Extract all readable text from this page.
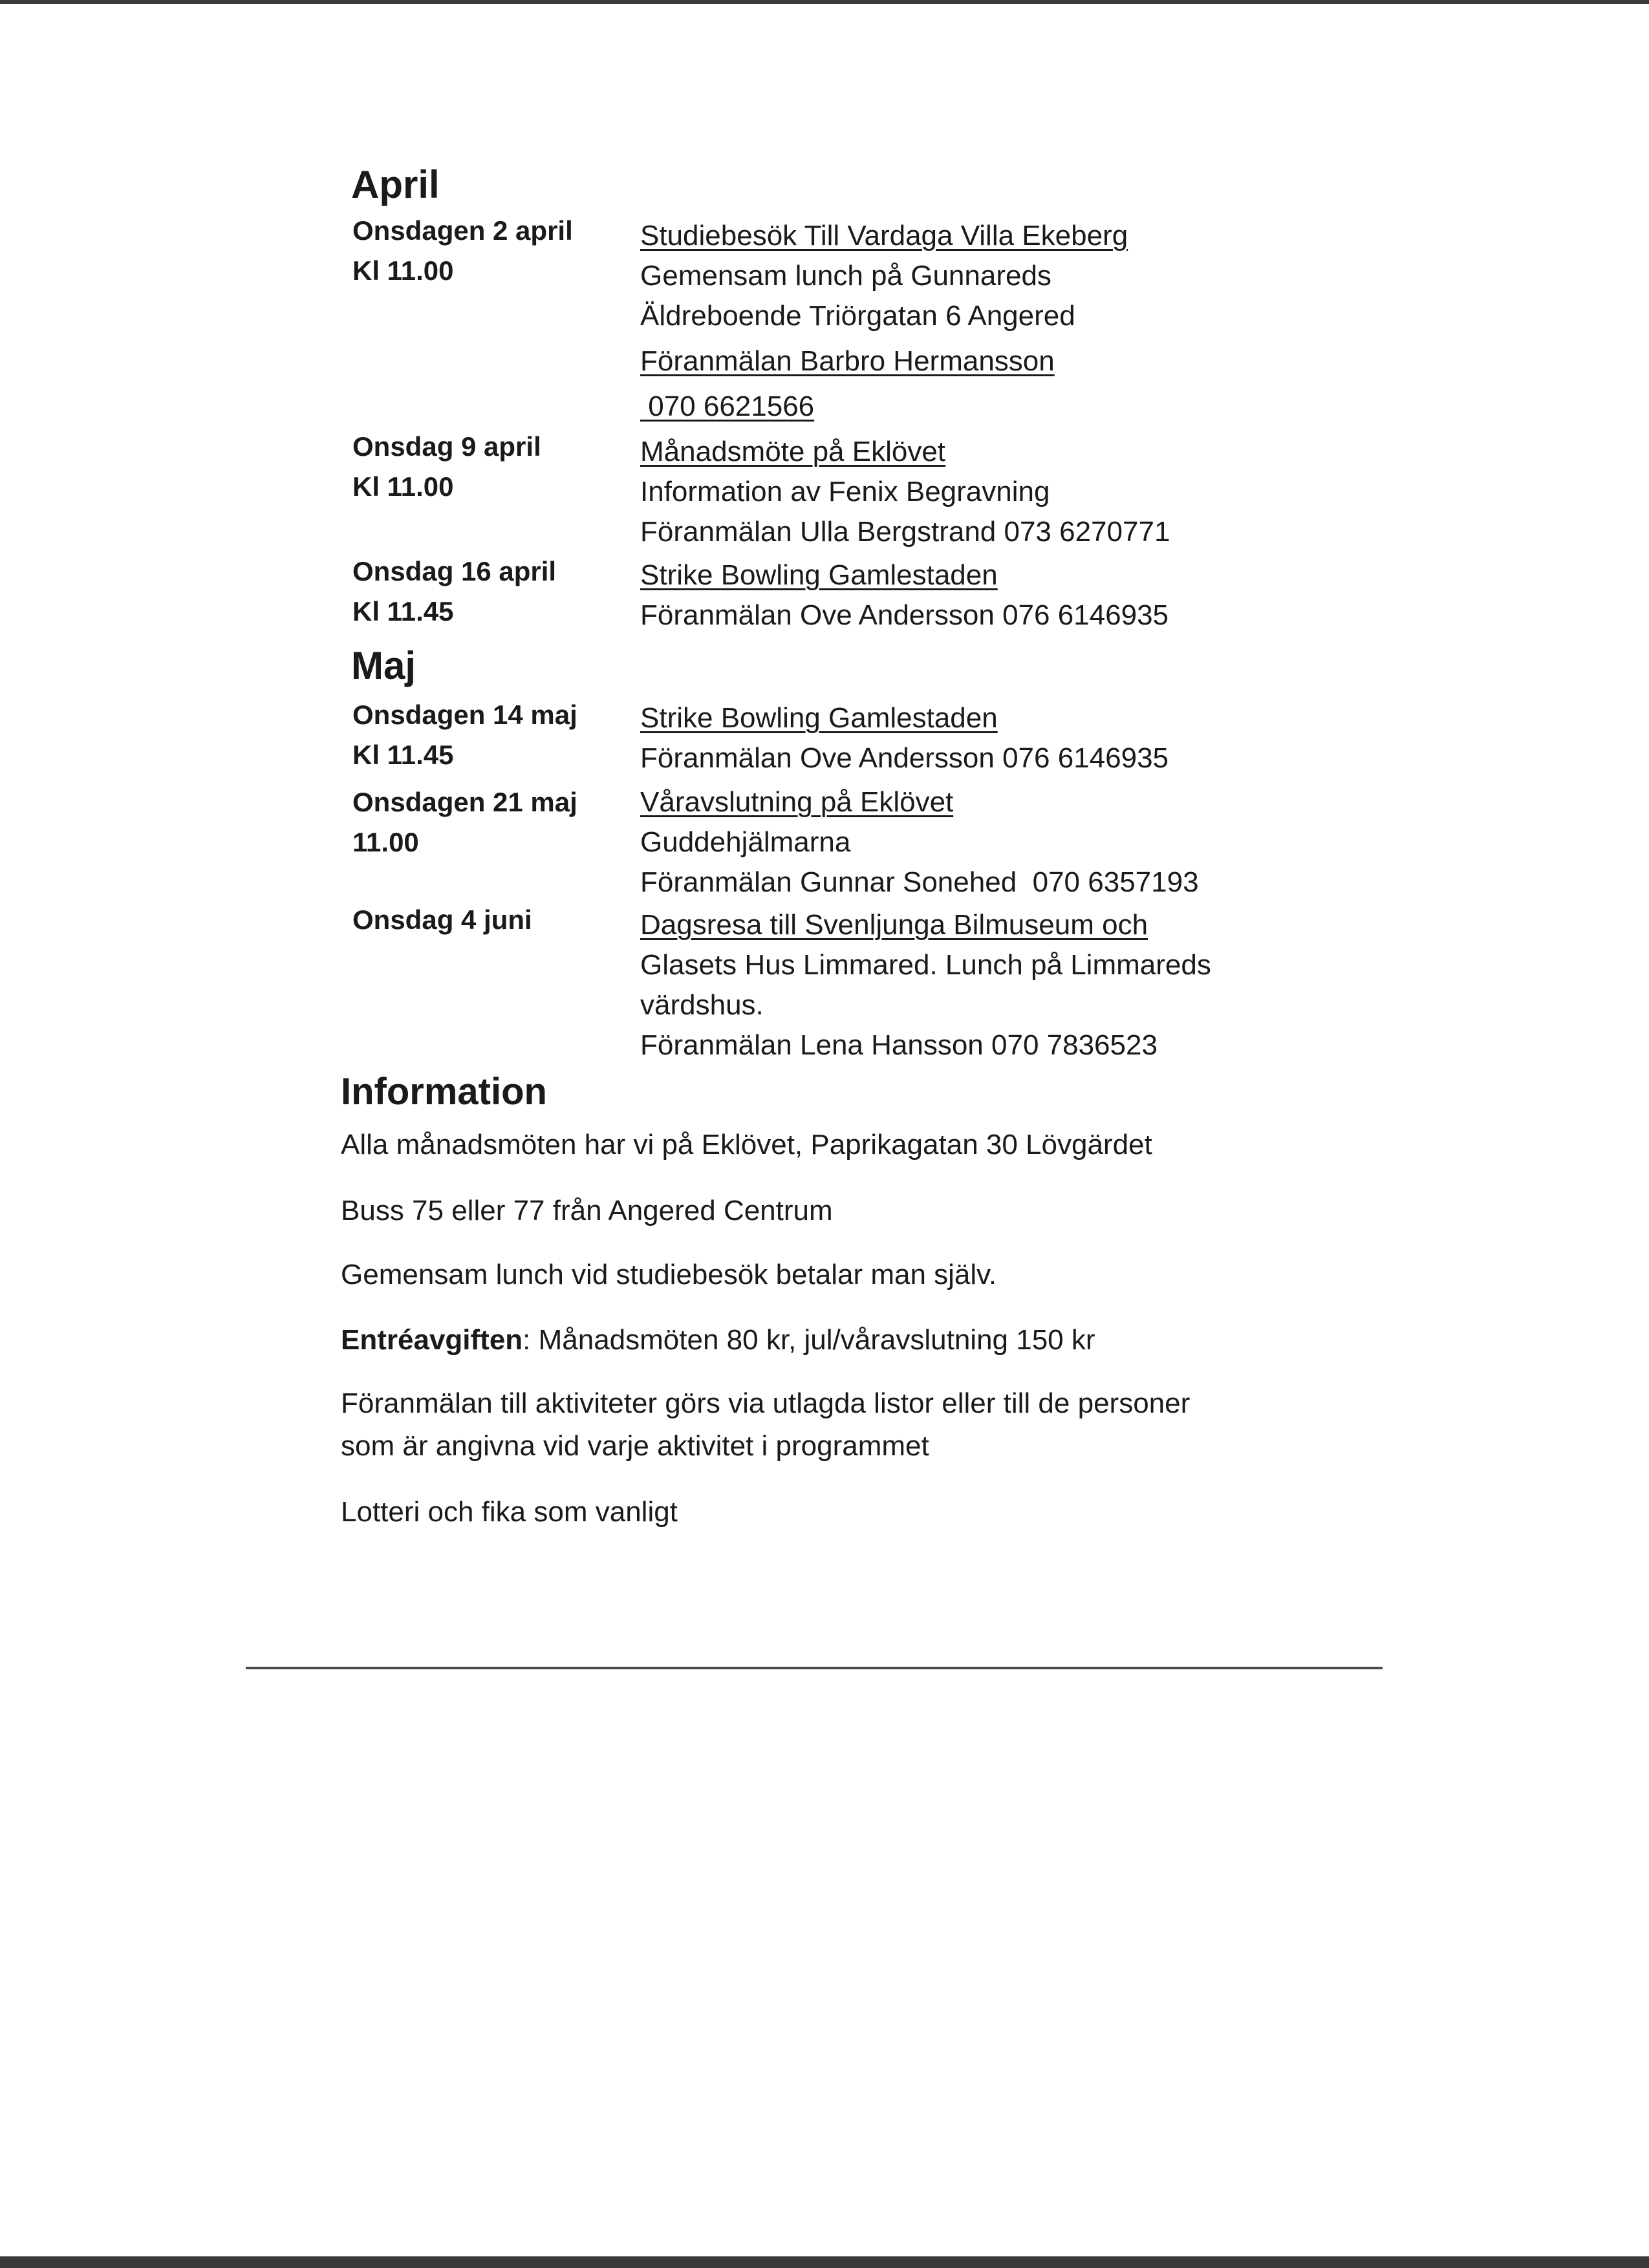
April
Onsdagen 2 april
Kl 11.00
Studiebesök Till Vardaga Villa Ekeberg
Gemensam lunch på Gunnareds
Äldreboende Triörgatan 6 Angered
Föranmälan Barbro Hermansson
070 6621566
Onsdag 9 april
Kl 11.00
Månadsmöte på Eklövet
Information av Fenix Begravning
Föranmälan Ulla Bergstrand 073 6270771
Onsdag 16 april
Kl 11.45
Strike Bowling Gamlestaden
Föranmälan Ove Andersson 076 6146935
Maj
Onsdagen 14 maj
Kl 11.45
Strike Bowling Gamlestaden
Föranmälan Ove Andersson 076 6146935
Onsdagen 21 maj
11.00
Våravslutning på Eklövet
Guddehjälmarna
Föranmälan Gunnar Sonehed  070 6357193
Onsdag 4 juni	Dagsresa till Svenljunga Bilmuseum och
Glasets Hus Limmared. Lunch på Limmareds
värdshus.
Föranmälan Lena Hansson 070 7836523
Information
Alla månadsmöten har vi på Eklövet, Paprikagatan 30 Lövgärdet
Buss 75 eller 77 från Angered Centrum
Gemensam lunch vid studiebesök betalar man själv.
Entréavgiften: Månadsmöten 80 kr, jul/våravslutning 150 kr
Föranmälan till aktiviteter görs via utlagda listor eller till de personer
som är angivna vid varje aktivitet i programmet
Lotteri och fika som vanligt
